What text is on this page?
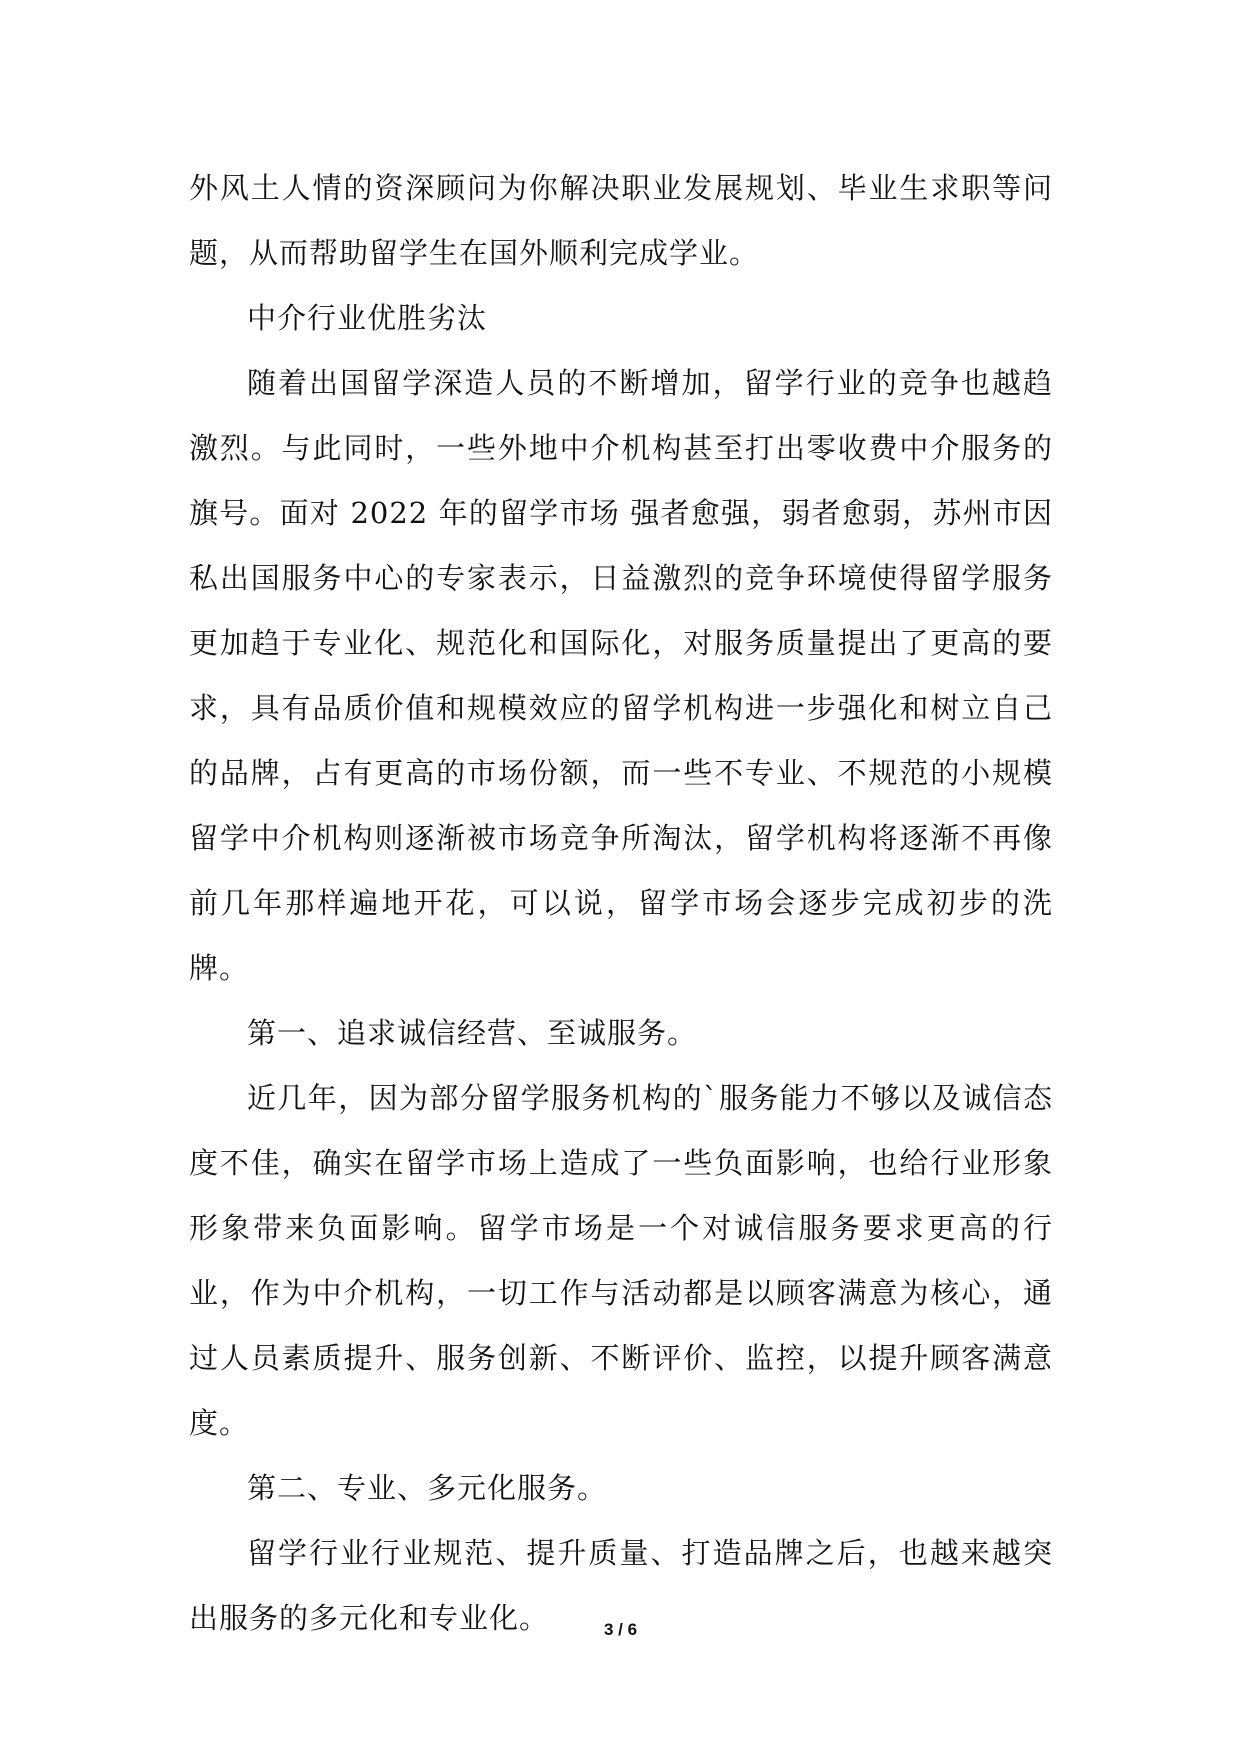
外风土人情的资深顾问为你解决职业发展规划、毕业生求职等问题，从而帮助留学生在国外顺利完成学业。

中介行业优胜劣汰

随着出国留学深造人员的不断增加，留学行业的竞争也越趋激烈。与此同时，一些外地中介机构甚至打出零收费中介服务的旗号。面对 2022 年的留学市场 强者愈强，弱者愈弱，苏州市因私出国服务中心的专家表示，日益激烈的竞争环境使得留学服务更加趋于专业化、规范化和国际化，对服务质量提出了更高的要求，具有品质价值和规模效应的留学机构进一步强化和树立自己的品牌，占有更高的市场份额，而一些不专业、不规范的小规模留学中介机构则逐渐被市场竞争所淘汰，留学机构将逐渐不再像前几年那样遍地开花，可以说，留学市场会逐步完成初步的洗牌。

第一、追求诚信经营、至诚服务。

近几年，因为部分留学服务机构的`服务能力不够以及诚信态度不佳，确实在留学市场上造成了一些负面影响，也给行业形象形象带来负面影响。留学市场是一个对诚信服务要求更高的行业，作为中介机构，一切工作与活动都是以顾客满意为核心，通过人员素质提升、服务创新、不断评价、监控，以提升顾客满意度。

第二、专业、多元化服务。

留学行业行业规范、提升质量、打造品牌之后，也越来越突出服务的多元化和专业化。	3 / 6
